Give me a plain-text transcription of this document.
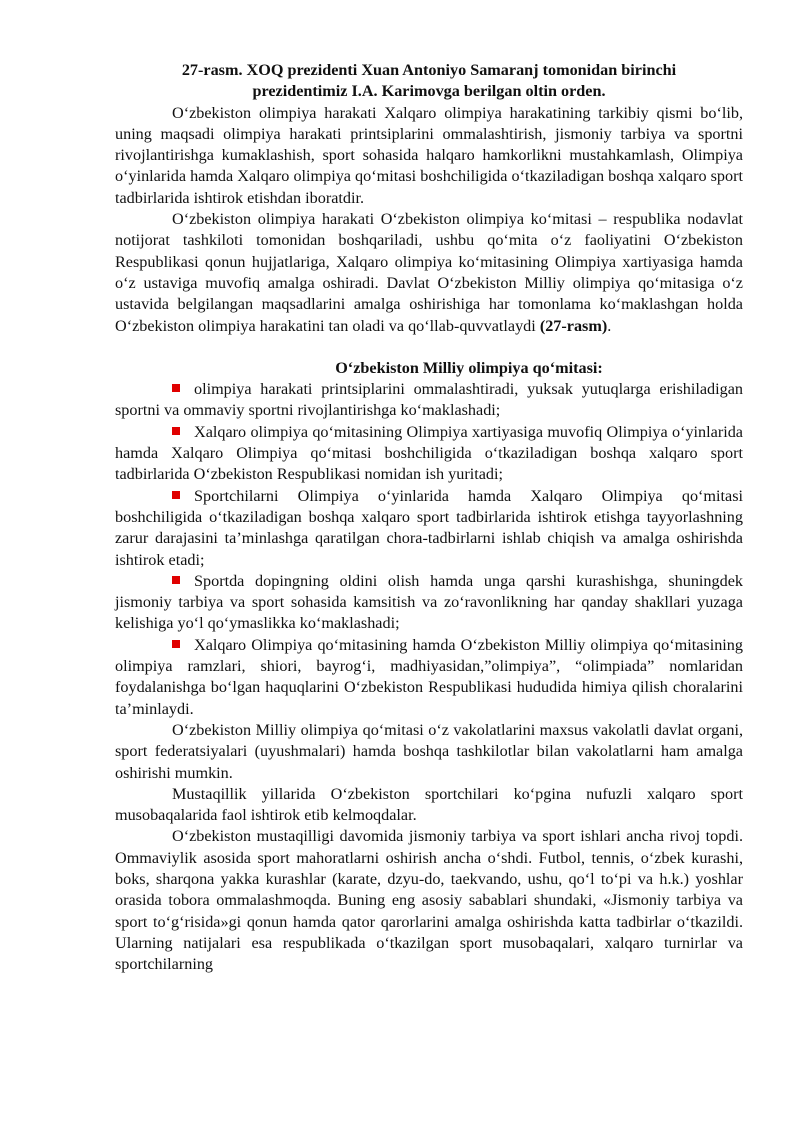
27-rasm. XOQ prezidenti Xuan Antoniyo Samaranj tomonidan birinchi prezidentimiz I.A. Karimovga berilgan oltin orden.

O‘zbekiston olimpiya harakati Xalqaro olimpiya harakatining tarkibiy qismi bo‘lib, uning maqsadi olimpiya harakati printsiplarini ommalashtirish, jismoniy tarbiya va sportni rivojlantirishga kumaklashish, sport sohasida halqaro hamkorlikni mustahkamlash, Olimpiya o‘yinlarida hamda Xalqaro olimpiya qo‘mitasi boshchiligida o‘tkaziladigan boshqa xalqaro sport tadbirlarida ishtirok etishdan iboratdir.

O‘zbekiston olimpiya harakati O‘zbekiston olimpiya ko‘mitasi – respublika nodavlat notijorat tashkiloti tomonidan boshqariladi, ushbu qo‘mita o‘z faoliyatini O‘zbekiston Respublikasi qonun hujjatlariga, Xalqaro olimpiya ko‘mitasining Olimpiya xartiyasiga hamda o‘z ustaviga muvofiq amalga oshiradi. Davlat O‘zbekiston Milliy olimpiya qo‘mitasiga o‘z ustavida belgilangan maqsadlarini amalga oshirishiga har tomonlama ko‘maklashgan holda O‘zbekiston olimpiya harakatini tan oladi va qo‘llab-quvvatlaydi (27-rasm).

O‘zbekiston Milliy olimpiya qo‘mitasi:

olimpiya harakati printsiplarini ommalashtiradi, yuksak yutuqlarga erishiladigan sportni va ommaviy sportni rivojlantirishga ko‘maklashadi;

Xalqaro olimpiya qo‘mitasining Olimpiya xartiyasiga muvofiq Olimpiya o‘yinlarida hamda Xalqaro Olimpiya qo‘mitasi boshchiligida o‘tkaziladigan boshqa xalqaro sport tadbirlarida O‘zbekiston Respublikasi nomidan ish yuritadi;

Sportchilarni Olimpiya o‘yinlarida hamda Xalqaro Olimpiya qo‘mitasi boshchiligida o‘tkaziladigan boshqa xalqaro sport tadbirlarida ishtirok etishga tayyorlashning zarur darajasini ta’minlashga qaratilgan chora-tadbirlarni ishlab chiqish va amalga oshirishda ishtirok etadi;

Sportda dopingning oldini olish hamda unga qarshi kurashishga, shuningdek jismoniy tarbiya va sport sohasida kamsitish va zo‘ravonlikning har qanday shakllari yuzaga kelishiga yo‘l qo‘ymaslikka ko‘maklashadi;

Xalqaro Olimpiya qo‘mitasining hamda O‘zbekiston Milliy olimpiya qo‘mitasining olimpiya ramzlari, shiori, bayrog‘i, madhiyasidan,”olimpiya”, “olimpiada” nomlaridan foydalanishga bo‘lgan haquqlarini O‘zbekiston Respublikasi hududida himiya qilish choralarini ta’minlaydi.

O‘zbekiston Milliy olimpiya qo‘mitasi o‘z vakolatlarini maxsus vakolatli davlat organi, sport federatsiyalari (uyushmalari) hamda boshqa tashkilotlar bilan vakolatlarni ham amalga oshirishi mumkin.

Mustaqillik yillarida O‘zbekiston sportchilari ko‘pgina nufuzli xalqaro sport musobaqalarida faol ishtirok etib kelmoqdalar.

O‘zbekiston mustaqilligi davomida jismoniy tarbiya va sport ishlari ancha rivoj topdi. Ommaviylik asosida sport mahoratlarni oshirish ancha o‘shdi. Futbol, tennis, o‘zbek kurashi, boks, sharqona yakka kurashlar (karate, dzyu-do, taekvando, ushu, qo‘l to‘pi va h.k.) yoshlar orasida tobora ommalashmoqda. Buning eng asosiy sabablari shundaki, «Jismoniy tarbiya va sport to‘g‘risida»gi qonun hamda qator qarorlarini amalga oshirishda katta tadbirlar o‘tkazildi. Ularning natijalari esa respublikada o‘tkazilgan sport musobaqalari, xalqaro turnirlar va sportchilarning
